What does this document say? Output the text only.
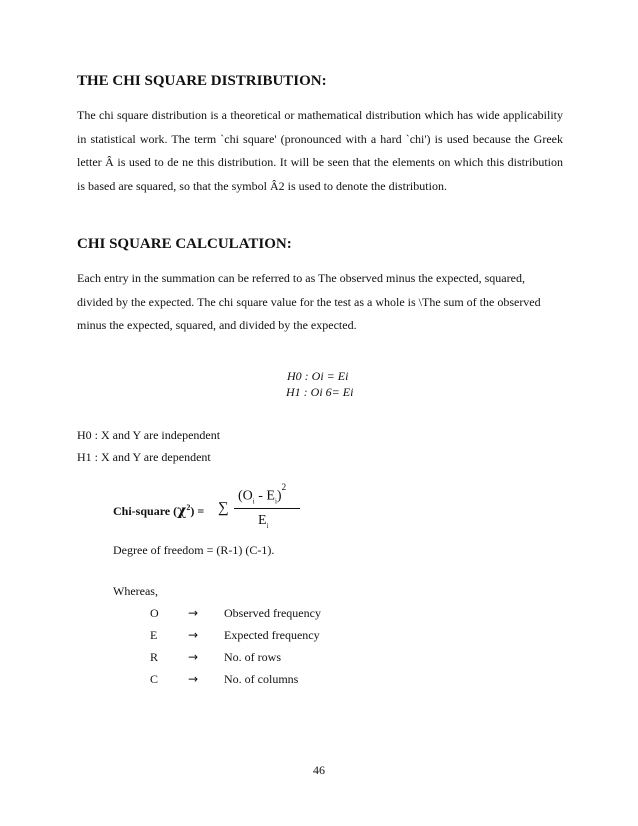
THE CHI SQUARE DISTRIBUTION:

The chi square distribution is a theoretical or mathematical distribution which has wide applicability in statistical work. The term `chi square' (pronounced with a hard `chi') is used because the Greek letter Â is used to de ne this distribution. It will be seen that the elements on which this distribution is based are squared, so that the symbol Â2 is used to denote the distribution.

CHI SQUARE CALCULATION:

Each entry in the summation can be referred to as The observed minus the expected, squared, divided by the expected. The chi square value for the test as a whole is \The sum of the observed minus the expected, squared, and divided by the expected.

H0 : Oi = Ei
H1 : Oi 6= Ei
H0 : X and Y are independent
H1 : X and Y are dependent
Chi-square $(\chi^2)$ = ∑
$(O_i - E_i)^2$
$E_i$
Degree of freedom = (R-1) (C-1).
Whereas,
O → Observed frequency
E	→ Expected frequency
R → No. of rows
C → No. of columns
46
